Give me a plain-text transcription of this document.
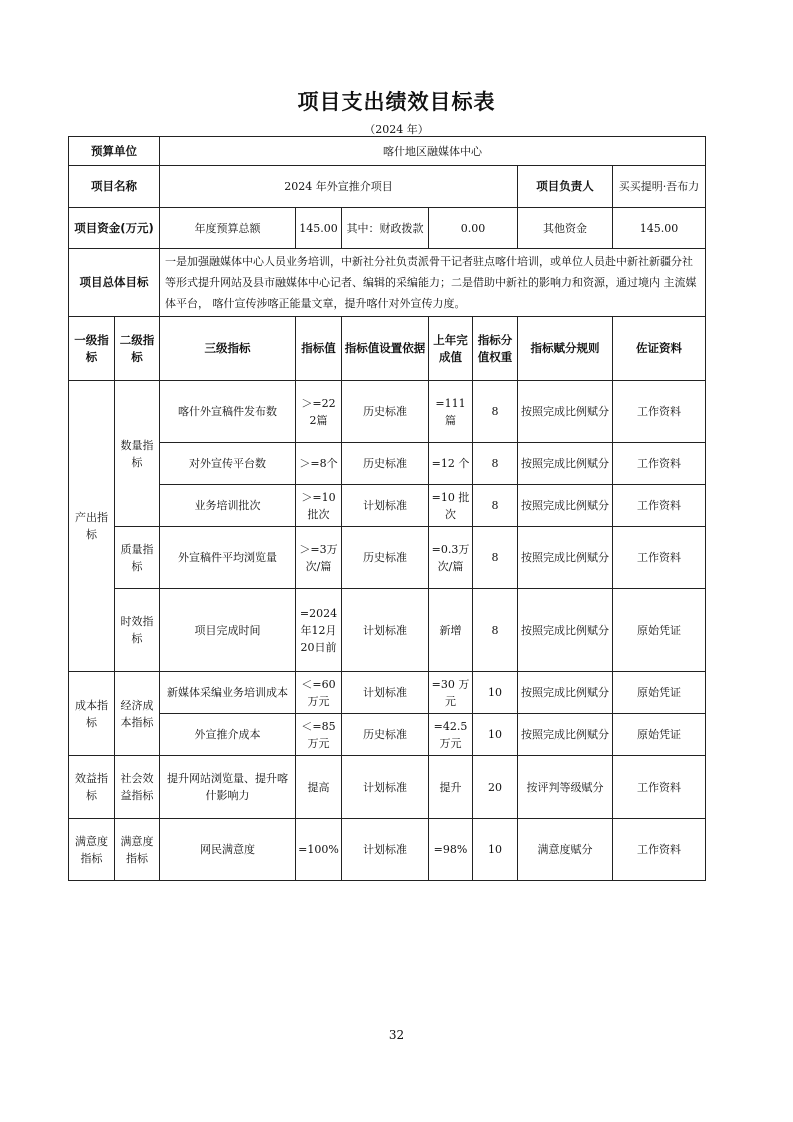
项目支出绩效目标表
（2024 年）
预算单位		喀什地区融媒体中心						
项目名称		2024 年外宣推介项目					项目负责人	买买提明·吾布力
项目资金(万元)		年度预算总额	145.00	其中：财政拨款	0.00		其他资金	145.00
项目总体目标		一是加强融媒体中心人员业务培训，中新社分社负责派骨干记者驻点喀什培训，或单位人员赴中新社新疆分社等形式提升网站及县市融媒体中心记者、编辑的采编能力；二是借助中新社的影响力和资源，通过境内 主流媒体平台， 喀什宣传涉喀正能量文章，提升喀什对外宣传力度。						
一级指标	二级指标	三级指标	指标值	指标值设置依据	上年完成值	指标分值权重	指标赋分规则	佐证资料
产出指标	数量指标	喀什外宣稿件发布数	＞=222篇	历史标准	=111篇	8	按照完成比例赋分	工作资料
		对外宣传平台数	＞=8个	历史标准	=12 个	8	按照完成比例赋分	工作资料
		业务培训批次	＞=10批次	计划标准	=10 批次	8	按照完成比例赋分	工作资料
	质量指标	外宣稿件平均浏览量	＞=3万次/篇	历史标准	=0.3万次/篇	8	按照完成比例赋分	工作资料
	时效指标	项目完成时间	=2024年12月20日前	计划标准	新增	8	按照完成比例赋分	原始凭证
成本指标	经济成本指标	新媒体采编业务培训成本	＜=60万元	计划标准	=30 万元	10	按照完成比例赋分	原始凭证
		外宣推介成本	＜=85万元	历史标准	=42.5万元	10	按照完成比例赋分	原始凭证
效益指标	社会效益指标	提升网站浏览量、提升喀什影响力	提高	计划标准	提升	20	按评判等级赋分	工作资料
满意度指标	满意度指标	网民满意度	=100%	计划标准	=98%	10	满意度赋分	工作资料
32
